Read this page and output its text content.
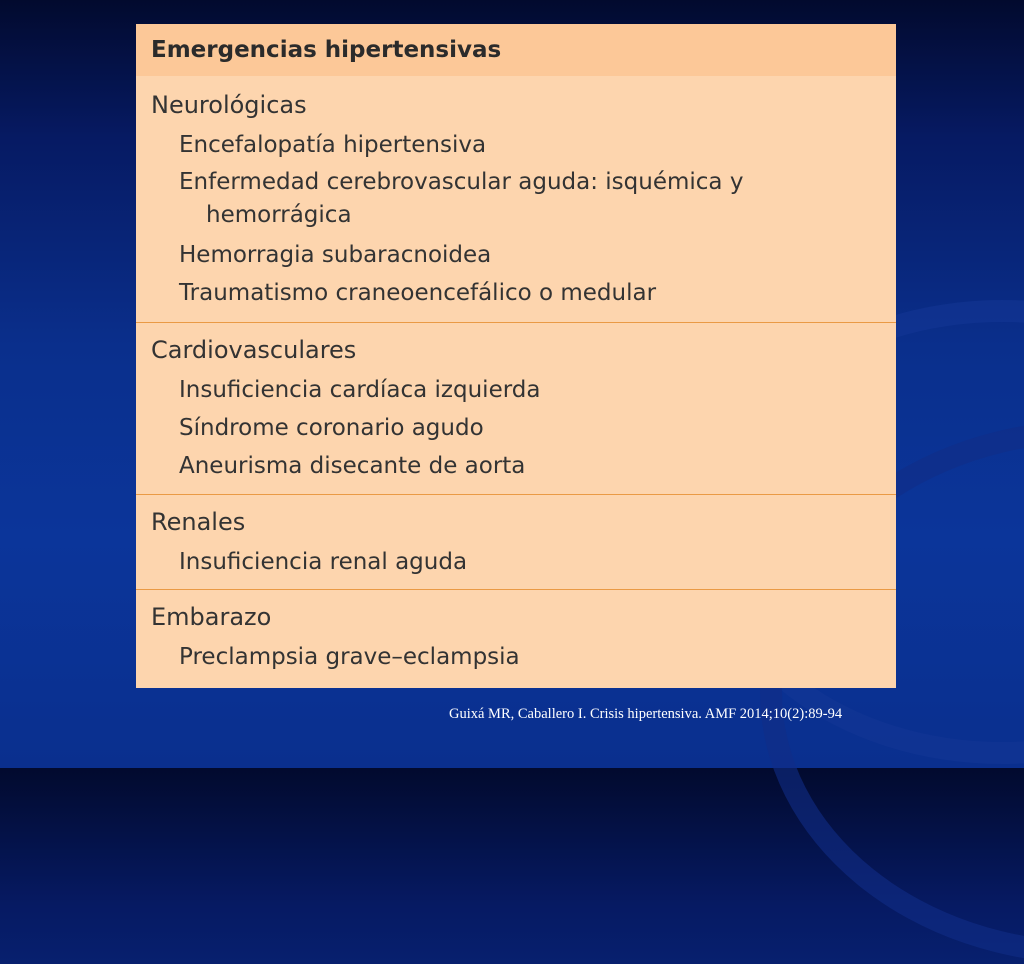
Emergencias hipertensivas
Neurológicas
Encefalopatía hipertensiva
Enfermedad cerebrovascular aguda: isquémica y hemorrágica
Hemorragia subaracnoidea
Traumatismo craneoencefálico o medular
Cardiovasculares
Insuficiencia cardíaca izquierda
Síndrome coronario agudo
Aneurisma disecante de aorta
Renales
Insuficiencia renal aguda
Embarazo
Preclampsia grave–eclampsia
Guixá MR, Caballero I. Crisis hipertensiva. AMF 2014;10(2):89-94
